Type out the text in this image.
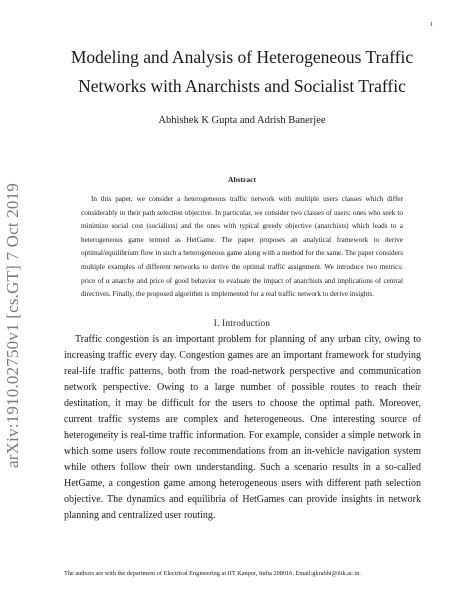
1
arXiv:1910.02750v1 [cs.GT] 7 Oct 2019
Modeling and Analysis of Heterogeneous Traffic Networks with Anarchists and Socialist Traffic
Abhishek K Gupta and Adrish Banerjee
Abstract
In this paper, we consider a heterogeneous traffic network with multiple users classes which differ considerably in their path selection objective. In particular, we consider two classes of users: ones who seek to minimize social cost (socialists) and the ones with typical greedy objective (anarchists) which leads to a heterogeneous game termed as HetGame. The paper proposes an analytical framework to derive optimal/equilibrium flow in such a heterogeneous game along with a method for the same. The paper considers multiple examples of different networks to derive the optimal traffic assignment. We introduce two metrics: price of α anarchy and price of good behavior to evaluate the impact of anarchists and implications of central directives. Finally, the proposed algorithm is implemented for a real traffic network to derive insights.
I. Introduction
Traffic congestion is an important problem for planning of any urban city, owing to increasing traffic every day. Congestion games are an important framework for studying real-life traffic patterns, both from the road-network perspective and communication network perspective. Owing to a large number of possible routes to reach their destination, it may be difficult for the users to choose the optimal path. Moreover, current traffic systems are complex and heterogeneous. One interesting source of heterogeneity is real-time traffic information. For example, consider a simple network in which some users follow route recommendations from an in-vehicle navigation system while others follow their own understanding. Such a scenario results in a so-called HetGame, a congestion game among heterogeneous users with different path selection objective. The dynamics and equilibria of HetGames can provide insights in network planning and centralized user routing.
The authors are with the department of Electrical Engineering at IIT Kanpur, India 208016. Email:gkrabhi@iitk.ac.in.
